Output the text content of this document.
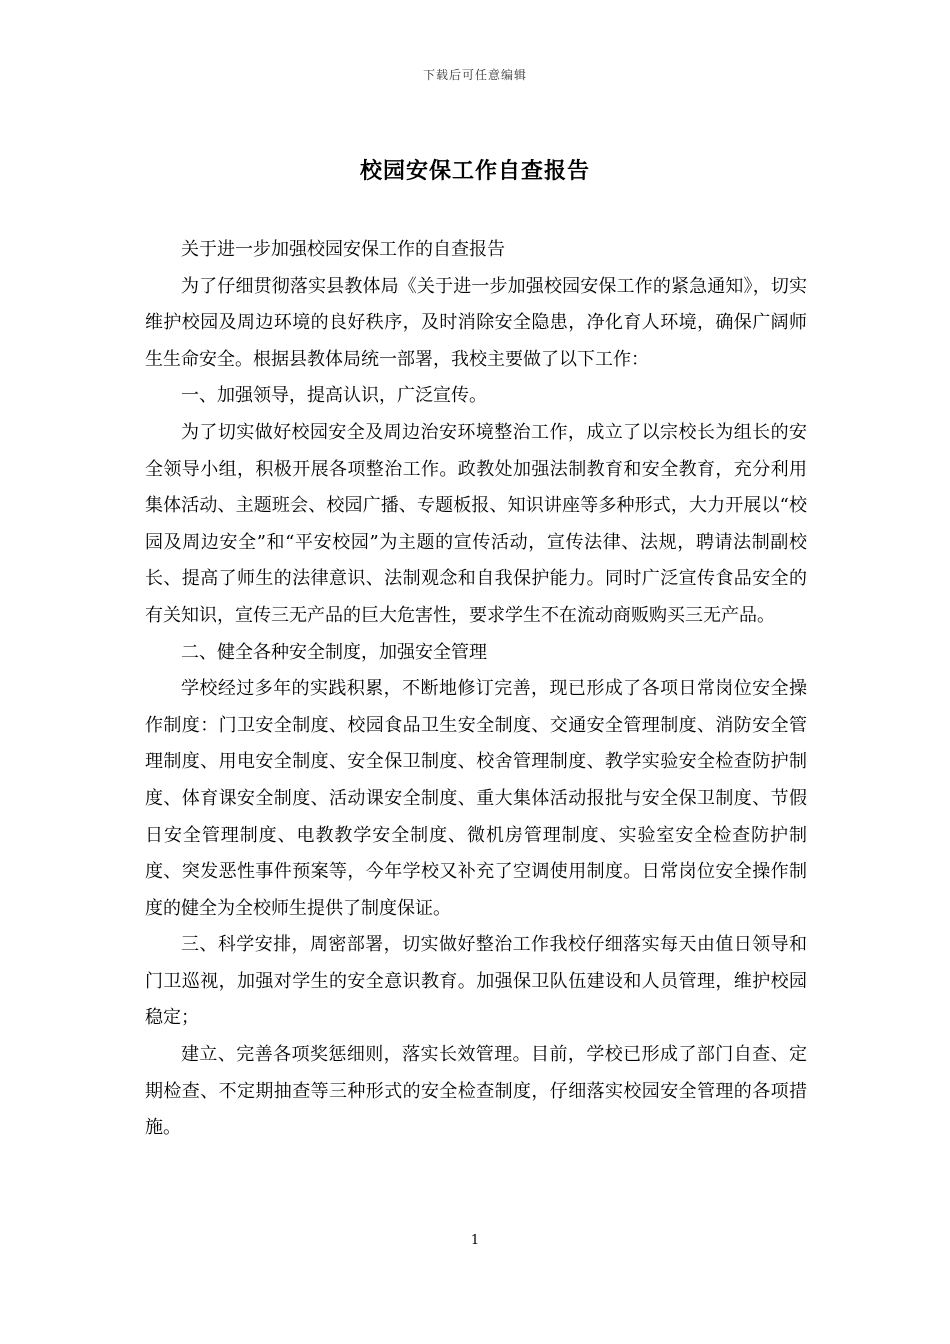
下载后可任意编辑
校园安保工作自查报告

关于进一步加强校园安保工作的自查报告

为了仔细贯彻落实县教体局《关于进一步加强校园安保工作的紧急通知》，切实维护校园及周边环境的良好秩序，及时消除安全隐患，净化育人环境，确保广阔师生生命安全。根据县教体局统一部署，我校主要做了以下工作：

一、加强领导，提高认识，广泛宣传。

为了切实做好校园安全及周边治安环境整治工作，成立了以宗校长为组长的安全领导小组，积极开展各项整治工作。政教处加强法制教育和安全教育，充分利用集体活动、主题班会、校园广播、专题板报、知识讲座等多种形式，大力开展以“校园及周边安全”和“平安校园”为主题的宣传活动，宣传法律、法规，聘请法制副校长、提高了师生的法律意识、法制观念和自我保护能力。同时广泛宣传食品安全的有关知识，宣传三无产品的巨大危害性，要求学生不在流动商贩购买三无产品。

二、健全各种安全制度，加强安全管理

学校经过多年的实践积累，不断地修订完善，现已形成了各项日常岗位安全操作制度：门卫安全制度、校园食品卫生安全制度、交通安全管理制度、消防安全管理制度、用电安全制度、安全保卫制度、校舍管理制度、教学实验安全检查防护制度、体育课安全制度、活动课安全制度、重大集体活动报批与安全保卫制度、节假日安全管理制度、电教教学安全制度、微机房管理制度、实验室安全检查防护制度、突发恶性事件预案等，今年学校又补充了空调使用制度。日常岗位安全操作制度的健全为全校师生提供了制度保证。

三、科学安排，周密部署，切实做好整治工作我校仔细落实每天由值日领导和门卫巡视，加强对学生的安全意识教育。加强保卫队伍建设和人员管理，维护校园稳定；

建立、完善各项奖惩细则，落实长效管理。目前，学校已形成了部门自查、定期检查、不定期抽查等三种形式的安全检查制度，仔细落实校园安全管理的各项措施。

1
